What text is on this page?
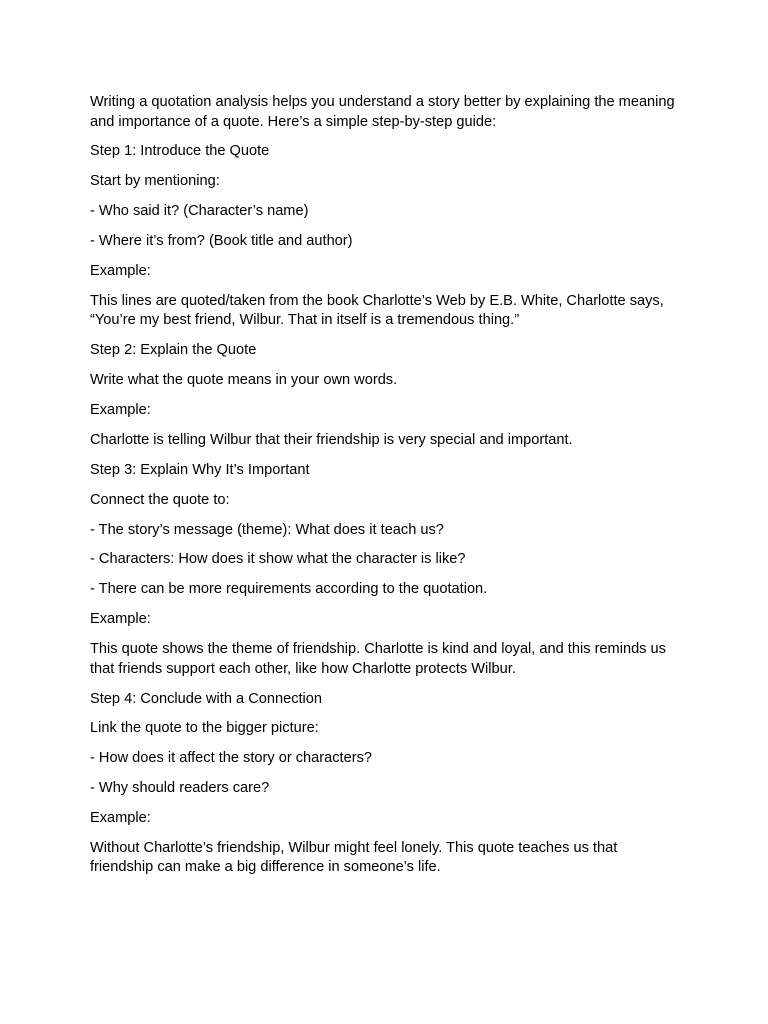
Writing a quotation analysis helps you understand a story better by explaining the meaning and importance of a quote. Here’s a simple step-by-step guide:

Step 1: Introduce the Quote

Start by mentioning:

- Who said it? (Character’s name)

- Where it’s from? (Book title and author)

Example:

This lines are quoted/taken from the book Charlotte’s Web by E.B. White, Charlotte says, “You’re my best friend, Wilbur. That in itself is a tremendous thing.”

Step 2: Explain the Quote

Write what the quote means in your own words.

Example:

Charlotte is telling Wilbur that their friendship is very special and important.

Step 3: Explain Why It’s Important

Connect the quote to:

- The story’s message (theme): What does it teach us?

- Characters: How does it show what the character is like?

- There can be more requirements according to the quotation.

Example:

This quote shows the theme of friendship. Charlotte is kind and loyal, and this reminds us that friends support each other, like how Charlotte protects Wilbur.

Step 4: Conclude with a Connection

Link the quote to the bigger picture:

- How does it affect the story or characters?

- Why should readers care?

Example:

Without Charlotte’s friendship, Wilbur might feel lonely. This quote teaches us that friendship can make a big difference in someone’s life.
